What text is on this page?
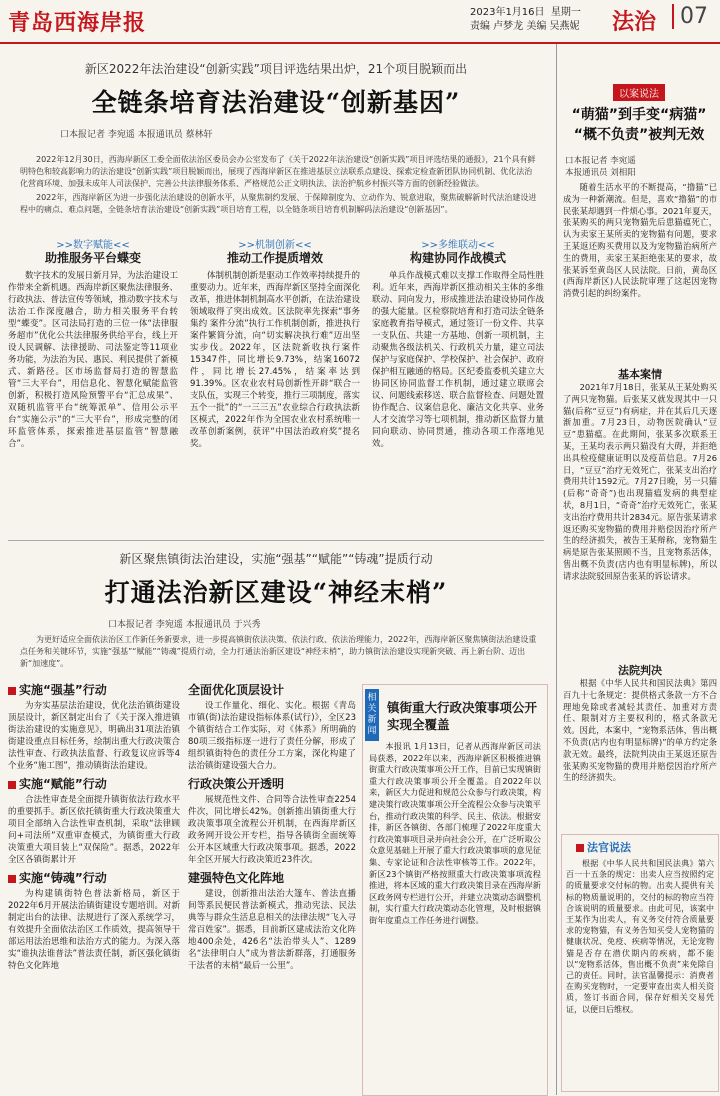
青岛西海岸报	2023年1月16日 星期一
责编 卢梦龙 美编 吴燕妮 法治	07
新区2022年法治建设“创新实践”项目评选结果出炉，21个项目脱颖而出
全链条培育法治建设“创新基因”
口本报记者 李宛遥 本报通讯员 蔡林轩

2022年12月30日，西海岸新区工委全面依法治区委员会办公室发布了《关于2022年法治建设“创新实践”项目评选结果的通报》，21个具有鲜明特色和较高影响力的法治建设“创新实践”项目脱颖而出，展现了西海岸新区在推进基层立法联系点建设、探索定检查新团队协同机制、优化法治化营商环境、加强未成年人司法保护、完善公共法律服务体系、严格规范公正文明执法、法治护航乡村振兴等方面的创新经验做法。

2022年，西海岸新区为进一步强化法治建设的创新水平，从聚焦制约发展、于保障制度为、立动作为、锐意进取，聚焦破解新时代法治建设进程中的痛点、难点问题，全链条培育法治建设“创新实践”项目培育工程，以全链条项目培育机制解码法治建设“创新基因”。

>>数字赋能<<
助推服务平台蝶变

数字技术的发展日新月异，为法治建设工作带来全新机遇。西海岸新区聚焦法律服务、行政执法、普法宣传等领域，推动数字技术与法治工作深度融合，助力相关服务平台转型“蝶变”。区司法局打造的三位一体“法律服务超市”优化公共法律服务供给平台，线上开设人民调解、法律援助、司法鉴定等11项业务功能，为法治为民、惠民、利民提供了新模式、新路径。区市场监督局打造的智慧监管“三大平台”，用信息化、智慧化赋能监管创新，积极打造风险预警平台“汇总成果”、双随机监管平台“统筹派单”、信用公示平台“实施公示”的“三大平台”，形成完整的闭环监管体系，探索推进基层监管“智慧融合”。

>>机制创新<<
推动工作提质增效

体制机制创新是驱动工作效率持续提升的重要动力。近年来，西海岸新区坚持全面深化改革，推进体制机制高水平创新，在法治建设领域取得了突出成效。区法院率先探索“事务集约 案件分流”执行工作机制创新，推进执行案件繁简分流，向“切实解决执行难”迈出坚实步伐。2022年，区法院新收执行案件15347件，同比增长9.73%，结案16072件，同比增长27.45%，结案率达到91.39%。区农业农村局创新性开辟“联合一支队伍，实现三个转变，推行三项制度，落实五个一批”的“一三三五”农业综合行政执法新区模式，2022年作为全国农业农村系统唯一改革创新案例，获评“中国法治政府奖”提名奖。

>>多维联动<<
构建协同作战模式

单兵作战模式难以支撑工作取得全局性胜利。近年来，西海岸新区推动相关主体的多维联动、同向发力，形成推进法治建设协同作战的强大能量。区检察院培育和打造司法全链条家庭教育指导模式，通过签订一份文件、共享一支队伍、共建一方基地、创新一项机制，主动聚焦各级法机关、行政机关力量，建立司法保护与家庭保护、学校保护、社会保护、政府保护相互融通的格局。区纪委监委机关建立大协同区协同监督工作机制，通过建立联席会议、问题线索移送、联合监督检查、问题处置协作配合、议案信息化、廉洁文化共享、业务人才交流学习等七项机制，推动新区监督力量同向联动、协同贯通，推动各项工作落地见效。

新区聚焦镇街法治建设，实施“强基”“赋能”“铸魂”提质行动
打通法治新区建设“神经末梢”
口本报记者 李宛遥 本报通讯员 于兴秀

为更好适应全面依法治区工作新任务新要求，进一步提高镇街依法决策、依法行政、依法治理能力，2022年，西海岸新区聚焦镇街法治建设重点任务和关键环节，实施“强基”“赋能”“铸魂”提质行动，全力打通法治新区建设“神经末梢”，助力镇街法治建设实现新突破、再上新台阶、迈出新“加速度”。

实施“强基”行动

为夯实基层法治建设，优化法治镇街建设顶层设计，新区制定出台了《关于深入推进镇街法治建设的实施意见》，明确出31项法治镇街建设重点目标任务，绘制出重大行政决策合法性审查、行政执法监督、行政复议应诉等4个业务“施工图”，推动镇街法治建设。

实施“赋能”行动

合法性审查是全面提升镇街依法行政水平的重要抓手。新区依托镇街重大行政决策重大项目全部纳入合法性审查机制，采取“法律顾问+司法所”双重审查模式，为镇街重大行政决策重大项目装上“双保险”。据悉，2022年全区各镇街累计开

实施“铸魂”行动

为构建镇街特色普法新格局，新区于2022年6月开展法治镇街建设专题培训。对新制定出台的法律、法规进行了深入系统学习，有效提升全面依法治区工作质效，提高领导干部运用法治思维和法治方式的能力。为深入落实“谁执法谁普法”普法责任制，新区强化镇街特色文化阵地

全面优化顶层设计

设工作量化、细化、实化。根据《青岛市镇(街)法治建设指标体系(试行)》，全区23个镇街结合工作实际，对《体系》所明确的80项三级指标逐一进行了责任分解，形成了组织镇街特色的责任分工方案，深化构建了法治镇街建设强大合力。

行政决策公开透明

展规范性文件、合同等合法性审查2254件次，同比增长42%。创新推出镇街重大行政决策事项全流程公开机制，在西海岸新区政务网开设公开专栏，指导各镇街全面统筹公开本区域重大行政决策事项。据悉，2022年全区开展大行政决策近23件次。

建强特色文化阵地

建设，创新推出法治大篷车、普法直播间等系民便民普法新模式，推动宪法、民法典等与群众生活息息相关的法律法规“飞入寻常百姓家”。据悉，目前新区建成法治文化阵地400余处，426名“法治带头人”、1289名“法律明白人”成为普法新群落，打通服务干法者的末梢“最后一公里”。

相关新闻
镇街重大行政决策事项公开实现全覆盖

本报讯 1月13日，记者从西海岸新区司法局获悉，2022年以来，西海岸新区积极推进镇街重大行政决策事项公开工作，目前已实现镇街重大行政决策事项公开全覆盖。自2022年以来，新区大力促进和规范公众参与行政决策，构建决策行政决策事项公开全流程公众参与决策平台，推动行政决策的科学、民主、依法。根据安排，新区各镇街、各部门梳理了2022年度重大行政决策事项目录并向社会公开，在广泛听取公众意见基础上开展了重大行政决策事项的意见征集、专家论证和合法性审核等工作。2022年，新区23个镇街严格按照重大行政决策事项流程推进，将本区域的重大行政决策目录在西海岸新区政务网专栏进行公开，并建立决策动态调整机制，实行重大行政决策动态化管理，及时根据镇街年度重点工作任务进行调整。

以案说法
“萌猫”到手变“病猫”
“概不负责”被判无效
口本报记者 李宛遥
本报通讯员 刘相阳

随着生活水平的不断提高，“撸猫”已成为一种新潮流。但是，喜欢“撸猫”的市民张某却遇到一件烦心事。2021年夏天，张某购买的两只宠物猫先后患猫瘟死亡，认为卖家王某所卖的宠物猫有问题，要求王某返还购买费用以及为宠物猫治病所产生的费用，卖家王某拒绝张某的要求，故张某诉至黄岛区人民法院。日前，黄岛区(西海岸新区)人民法院审理了这起因宠物消费引起的纠纷案件。

基本案情

2021年7月18日，张某从王某处购买了两只宠物猫。后张某又就发现其中一只猫(后称“豆豆”)有病症，并在其后几天逐渐加重。7月23日，动物医院确认“豆豆”患猫瘟。在此期间，张某多次联系王某，王某均表示两只猫没有大碍，并拒绝出具检疫健康证明以及疫苗信息。7月26日，“豆豆”治疗无效死亡，张某支出治疗费用共计1592元。7月27日晚，另一只猫(后称“奇奇”)也出现猫瘟发病的典型症状，8月1日，“奇奇”治疗无效死亡，张某支出治疗费用共计2834元。原告张某请求返还购买宠物猫的费用并赔偿因治疗所产生的经济损失，被告王某辩称，宠物猫生病是原告张某照顾不当，且宠物系活体，售出概不负责(店内也有明显标牌)，所以请求法院驳回原告张某的诉讼请求。

法院判决

根据《中华人民共和国民法典》第四百九十七条规定：提供格式条款一方不合理地免除或者减轻其责任、加重对方责任、限制对方主要权利的，格式条款无效。因此，本案中，“宠物系活体，售出概不负责(店内也有明显标牌)”的单方约定条款无效。最终，法院判决由王某返还原告张某购买宠物猫的费用并赔偿因治疗所产生的经济损失。

法官说法

根据《中华人民共和国民法典》第六百一十五条的规定：出卖人应当按照约定的质量要求交付标的物。出卖人提供有关标的物质量说明的，交付的标的物应当符合该说明的质量要求。由此可见，该案中王某作为出卖人，有义务交付符合质量要求的宠物猫，有义务告知买受人宠物猫的健康状况、免疫、疾病等情况，无论宠物猫是否存在潜伏期内的疾病，都不能以“宠物系活体，售出概不负责”来免除自己的责任。同时，法官温馨提示：消费者在购买宠物时，一定要审查出卖人相关资质，签订书面合同，保存好相关交易凭证，以便日后维权。
